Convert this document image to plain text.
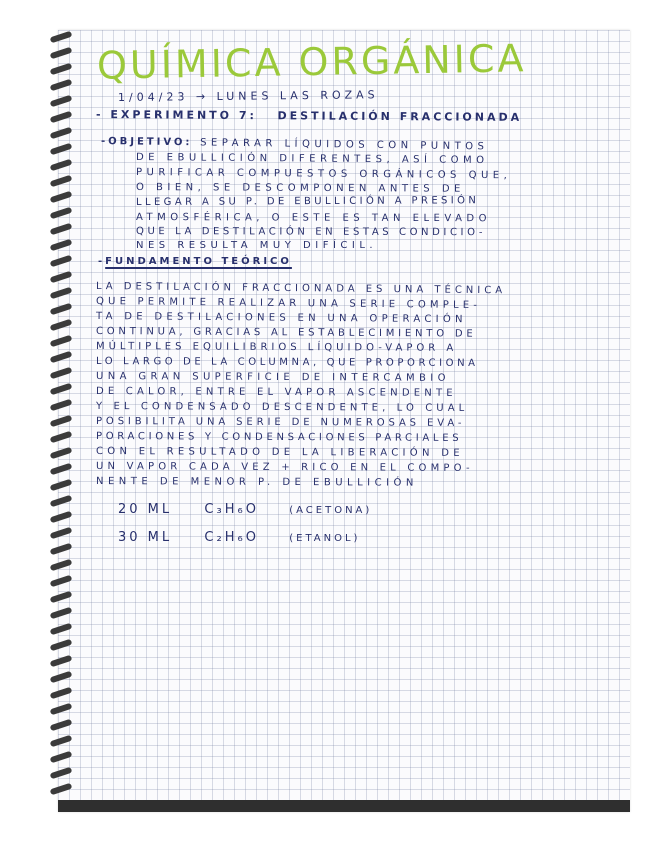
QUÍMICA ORGÁNICA
1/04/23 → LUNES LAS ROZAS
- EXPERIMENTO 7: DESTILACIÓN FRACCIONADA
-OBJETIVO: SEPARAR LÍQUIDOS CON PUNTOS
DE EBULLICIÓN DIFERENTES, ASÍ COMO
PURIFICAR COMPUESTOS ORGÁNICOS QUE,
O BIEN, SE DESCOMPONEN ANTES DE
LLEGAR A SU P. DE EBULLICIÓN A PRESIÓN
ATMOSFÉRICA, O ESTE ES TAN ELEVADO
QUE LA DESTILACIÓN EN ESTAS CONDICIO-
NES RESULTA MUY DIFÍCIL.
-FUNDAMENTO TEÓRICO
LA DESTILACIÓN FRACCIONADA ES UNA TÉCNICA
QUE PERMITE REALIZAR UNA SERIE COMPLE-
TA DE DESTILACIONES EN UNA OPERACIÓN
CONTINUA, GRACIAS AL ESTABLECIMIENTO DE
MÚLTIPLES EQUILIBRIOS LÍQUIDO-VAPOR A
LO LARGO DE LA COLUMNA, QUE PROPORCIONA
UNA GRAN SUPERFICIE DE INTERCAMBIO
DE CALOR, ENTRE EL VAPOR ASCENDENTE
Y EL CONDENSADO DESCENDENTE, LO CUAL
POSIBILITA UNA SERIE DE NUMEROSAS EVA-
PORACIONES Y CONDENSACIONES PARCIALES
CON EL RESULTADO DE LA LIBERACIÓN DE
UN VAPOR CADA VEZ + RICO EN EL COMPO-
NENTE DE MENOR P. DE EBULLICIÓN
20 ML C₃H₆O	(ACETONA)
30 ML C₂H₆O	(ETANOL)
